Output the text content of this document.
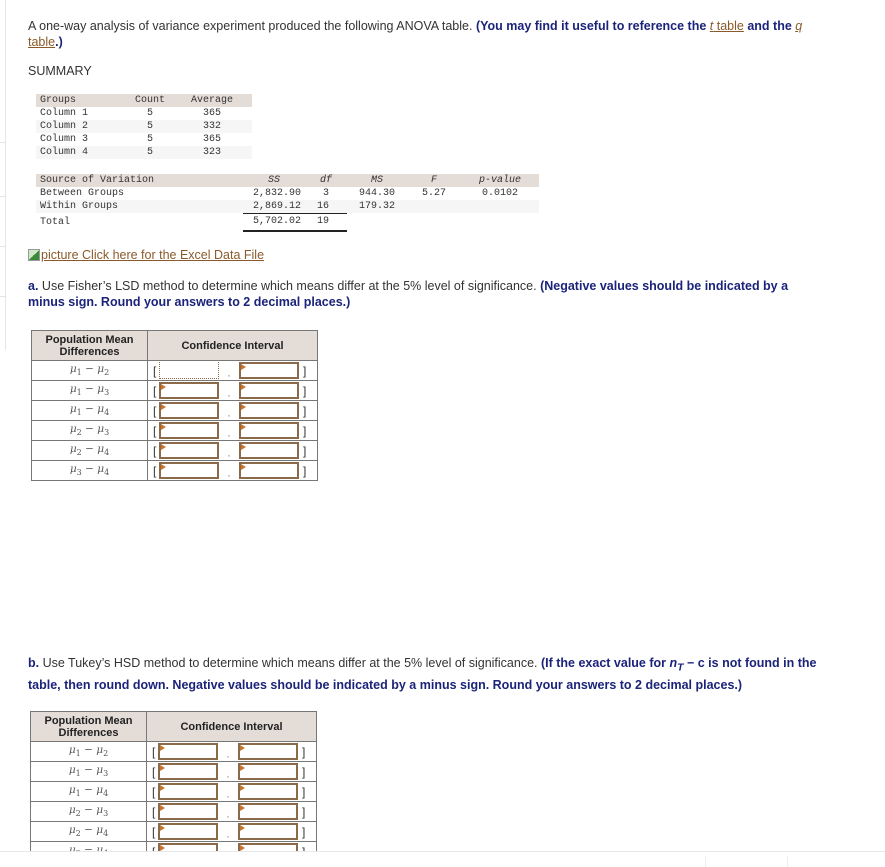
A one-way analysis of variance experiment produced the following ANOVA table. (You may find it useful to reference the t table and the q table.)
SUMMARY
Groups	Count	Average
Column 1	5	365
Column 2	5	332
Column 3	5	365
Column 4	5	323
Source of Variation	SS	df	MS	F	p-value
Between Groups	2,832.90	3	944.30	5.27	0.0102
Within Groups	2,869.12	16	179.32		
Total	5,702.02	19			
picture
Click here for the Excel Data File
a. Use Fisher’s LSD method to determine which means differ at the 5% level of significance. (Negative values should be indicated by a minus sign. Round your answers to 2 decimal places.)
Population Mean Differences	Confidence Interval
$\mu_1 - \mu_2$	[ , ]

$\mu_1 - \mu_3$	[ , ]

$\mu_1 - \mu_4$	[ , ]

$\mu_2 - \mu_3$	[ , ]

$\mu_2 - \mu_4$	[ , ]

$\mu_3 - \mu_4$	[ , ]
b. Use Tukey’s HSD method to determine which means differ at the 5% level of significance. (If the exact value for $n_T - c$ is not found in the table, then round down. Negative values should be indicated by a minus sign. Round your answers to 2 decimal places.)
Population Mean Differences	Confidence Interval
$\mu_1 - \mu_2$	[ , ]

$\mu_1 - \mu_3$	[ , ]

$\mu_1 - \mu_4$	[ , ]

$\mu_2 - \mu_3$	[ , ]

$\mu_2 - \mu_4$	[ , ]
